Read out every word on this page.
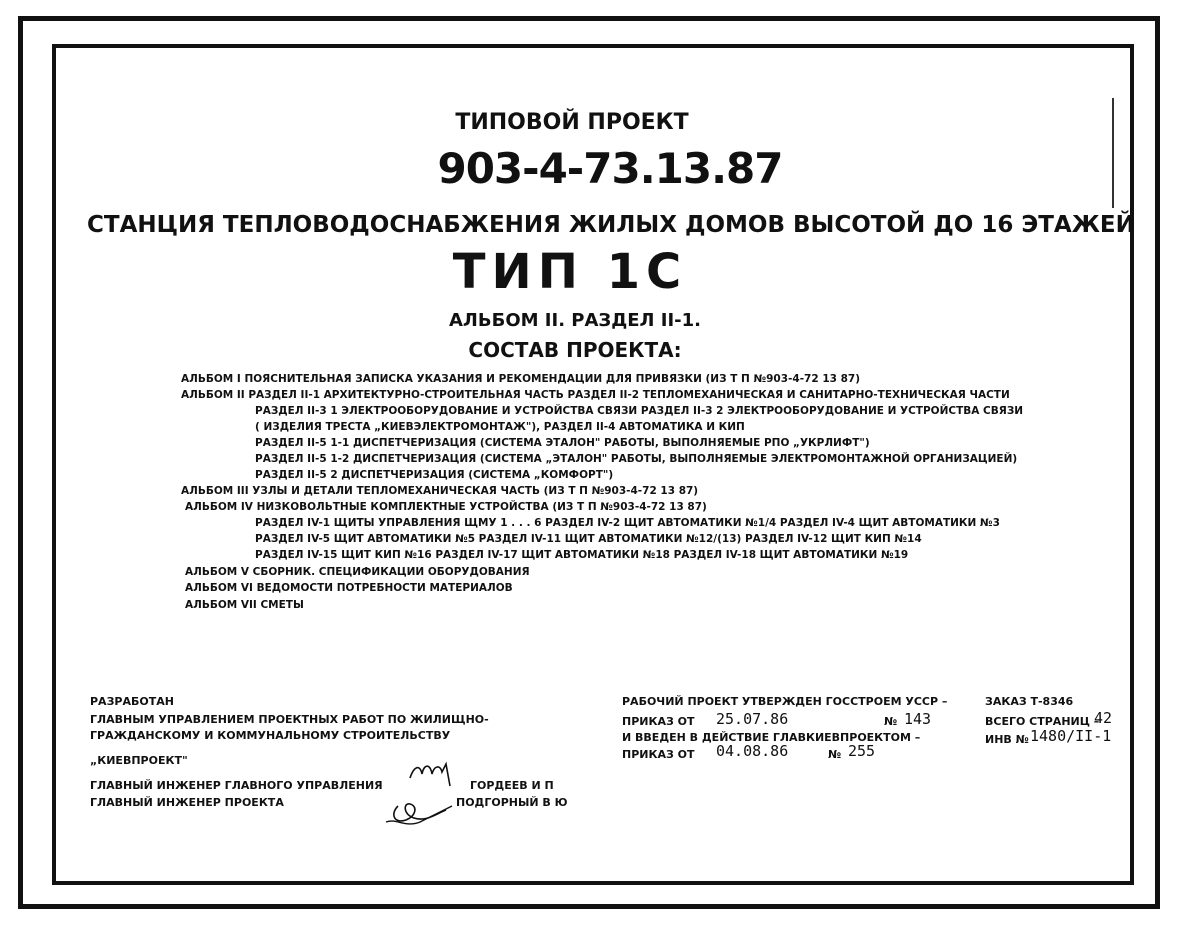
ТИПОВОЙ ПРОЕКТ
903-4-73.13.87
СТАНЦИЯ ТЕПЛОВОДОСНАБЖЕНИЯ ЖИЛЫХ ДОМОВ ВЫСОТОЙ ДО 16 ЭТАЖЕЙ
ТИП 1С
АЛЬБОМ II. РАЗДЕЛ II-1.
СОСТАВ ПРОЕКТА:
АЛЬБОМ I ПОЯСНИТЕЛЬНАЯ ЗАПИСКА УКАЗАНИЯ И РЕКОМЕНДАЦИИ ДЛЯ ПРИВЯЗКИ (ИЗ Т П №903-4-72 13 87)
АЛЬБОМ II РАЗДЕЛ II-1 АРХИТЕКТУРНО-СТРОИТЕЛЬНАЯ ЧАСТЬ РАЗДЕЛ II-2 ТЕПЛОМЕХАНИЧЕСКАЯ И САНИТАРНО-ТЕХНИЧЕСКАЯ ЧАСТИ
РАЗДЕЛ II-3 1 ЭЛЕКТРООБОРУДОВАНИЕ И УСТРОЙСТВА СВЯЗИ РАЗДЕЛ II-3 2 ЭЛЕКТРООБОРУДОВАНИЕ И УСТРОЙСТВА СВЯЗИ
( ИЗДЕЛИЯ ТРЕСТА „КИЕВЭЛЕКТРОМОНТАЖ"), РАЗДЕЛ II-4 АВТОМАТИКА И КИП
РАЗДЕЛ II-5 1-1 ДИСПЕТЧЕРИЗАЦИЯ (СИСТЕМА ЭТАЛОН" РАБОТЫ, ВЫПОЛНЯЕМЫЕ РПО „УКРЛИФТ")
РАЗДЕЛ II-5 1-2 ДИСПЕТЧЕРИЗАЦИЯ (СИСТЕМА „ЭТАЛОН" РАБОТЫ, ВЫПОЛНЯЕМЫЕ ЭЛЕКТРОМОНТАЖНОЙ ОРГАНИЗАЦИЕЙ)
РАЗДЕЛ II-5 2 ДИСПЕТЧЕРИЗАЦИЯ (СИСТЕМА „КОМФОРТ")
АЛЬБОМ III УЗЛЫ И ДЕТАЛИ ТЕПЛОМЕХАНИЧЕСКАЯ ЧАСТЬ (ИЗ Т П №903-4-72 13 87)
АЛЬБОМ IV НИЗКОВОЛЬТНЫЕ КОМПЛЕКТНЫЕ УСТРОЙСТВА (ИЗ Т П №903-4-72 13 87)
РАЗДЕЛ IV-1 ЩИТЫ УПРАВЛЕНИЯ ЩМУ 1 . . . 6 РАЗДЕЛ IV-2 ЩИТ АВТОМАТИКИ №1/4 РАЗДЕЛ IV-4 ЩИТ АВТОМАТИКИ №3
РАЗДЕЛ IV-5 ЩИТ АВТОМАТИКИ №5 РАЗДЕЛ IV-11 ЩИТ АВТОМАТИКИ №12/(13) РАЗДЕЛ IV-12 ЩИТ КИП №14
РАЗДЕЛ IV-15 ЩИТ КИП №16 РАЗДЕЛ IV-17 ЩИТ АВТОМАТИКИ №18 РАЗДЕЛ IV-18 ЩИТ АВТОМАТИКИ №19
АЛЬБОМ V СБОРНИК. СПЕЦИФИКАЦИИ ОБОРУДОВАНИЯ
АЛЬБОМ VI ВЕДОМОСТИ ПОТРЕБНОСТИ МАТЕРИАЛОВ
АЛЬБОМ VII СМЕТЫ
РАЗРАБОТАН
ГЛАВНЫМ УПРАВЛЕНИЕМ ПРОЕКТНЫХ РАБОТ ПО ЖИЛИЩНО-
ГРАЖДАНСКОМУ И КОММУНАЛЬНОМУ СТРОИТЕЛЬСТВУ
„КИЕВПРОЕКТ"
ГЛАВНЫЙ ИНЖЕНЕР ГЛАВНОГО УПРАВЛЕНИЯ
ГЛАВНЫЙ ИНЖЕНЕР ПРОЕКТА
ГОРДЕЕВ И П
ПОДГОРНЫЙ В Ю
РАБОЧИЙ ПРОЕКТ УТВЕРЖДЕН ГОССТРОЕМ УССР –
ПРИКАЗ ОТ 25.07.86	№ 143
И ВВЕДЕН В ДЕЙСТВИЕ ГЛАВКИЕВПРОЕКТОМ –
ПРИКАЗ ОТ 04.08.86	№ 255
ЗАКАЗ Т-8346
ВСЕГО СТРАНИЦ –
42
ИНВ № 1480/II-1
